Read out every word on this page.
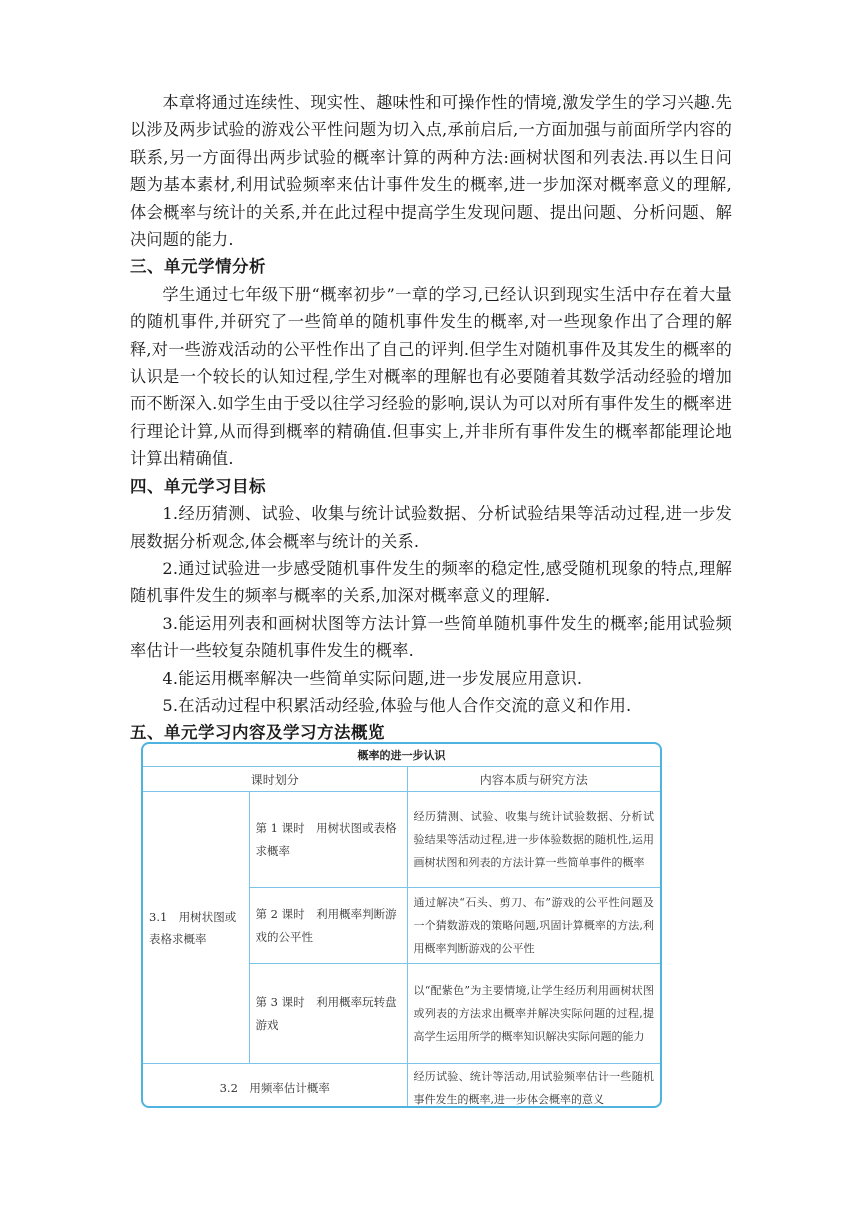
本章将通过连续性、现实性、趣味性和可操作性的情境,激发学生的学习兴趣.先以涉及两步试验的游戏公平性问题为切入点,承前启后,一方面加强与前面所学内容的联系,另一方面得出两步试验的概率计算的两种方法:画树状图和列表法.再以生日问题为基本素材,利用试验频率来估计事件发生的概率,进一步加深对概率意义的理解,体会概率与统计的关系,并在此过程中提高学生发现问题、提出问题、分析问题、解决问题的能力.

三、单元学情分析

学生通过七年级下册“概率初步”一章的学习,已经认识到现实生活中存在着大量的随机事件,并研究了一些简单的随机事件发生的概率,对一些现象作出了合理的解释,对一些游戏活动的公平性作出了自己的评判.但学生对随机事件及其发生的概率的认识是一个较长的认知过程,学生对概率的理解也有必要随着其数学活动经验的增加而不断深入.如学生由于受以往学习经验的影响,误认为可以对所有事件发生的概率进行理论计算,从而得到概率的精确值.但事实上,并非所有事件发生的概率都能理论地计算出精确值.

四、单元学习目标

1.经历猜测、试验、收集与统计试验数据、分析试验结果等活动过程,进一步发展数据分析观念,体会概率与统计的关系.

2.通过试验进一步感受随机事件发生的频率的稳定性,感受随机现象的特点,理解随机事件发生的频率与概率的关系,加深对概率意义的理解.

3.能运用列表和画树状图等方法计算一些简单随机事件发生的概率;能用试验频率估计一些较复杂随机事件发生的概率.

4.能运用概率解决一些简单实际问题,进一步发展应用意识.

5.在活动过程中积累活动经验,体验与他人合作交流的意义和作用.

五、单元学习内容及学习方法概览
概率的进一步认识		
课时划分		内容本质与研究方法
3.1　用树状图或表格求概率	第 1 课时　用树状图或表格求概率	经历猜测、试验、收集与统计试验数据、分析试验结果等活动过程,进一步体验数据的随机性,运用画树状图和列表的方法计算一些简单事件的概率
	第 2 课时　利用概率判断游戏的公平性	通过解决“石头、剪刀、布”游戏的公平性问题及一个猜数游戏的策略问题,巩固计算概率的方法,利用概率判断游戏的公平性
	第 3 课时　利用概率玩转盘游戏	以“配紫色”为主要情境,让学生经历利用画树状图或列表的方法求出概率并解决实际问题的过程,提高学生运用所学的概率知识解决实际问题的能力
3.2　用频率估计概率		经历试验、统计等活动,用试验频率估计一些随机事件发生的概率,进一步体会概率的意义
